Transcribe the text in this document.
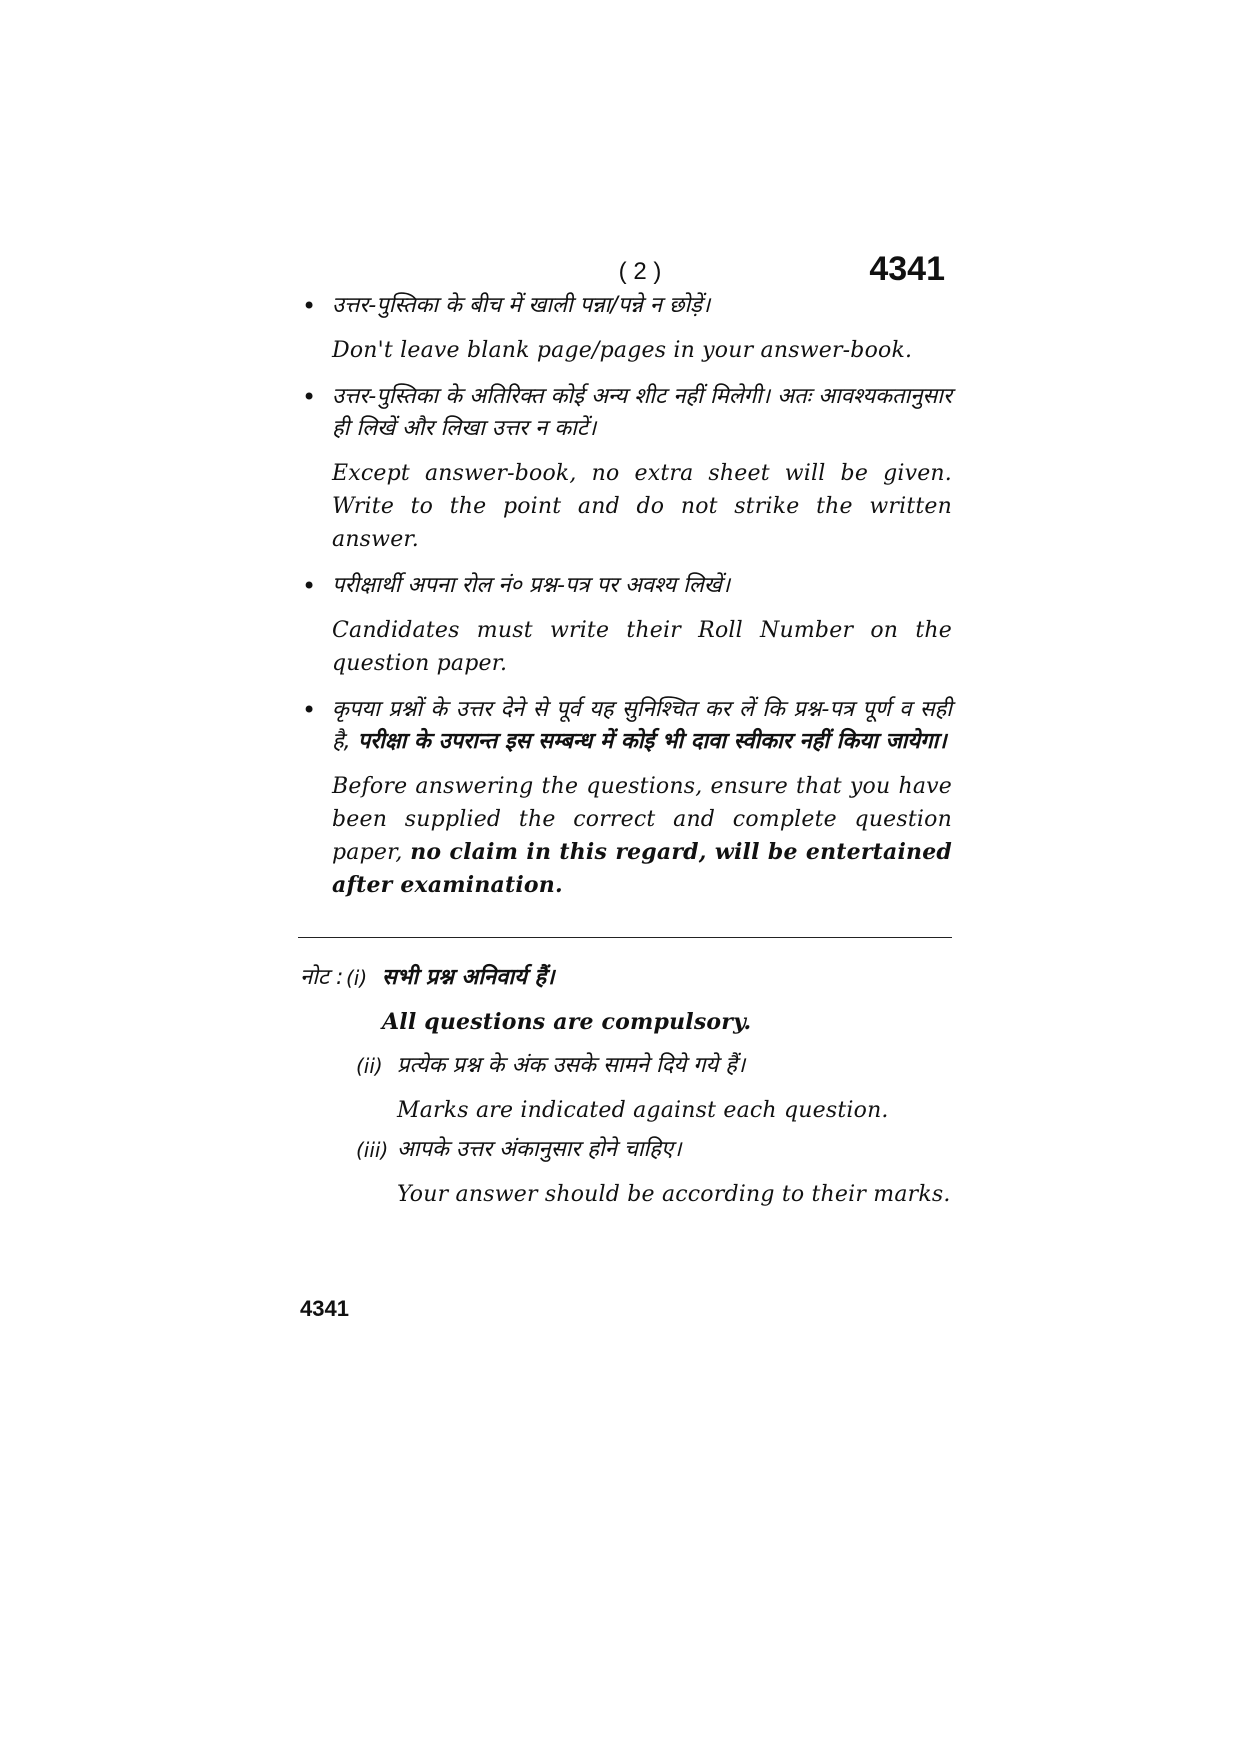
( 2 )	4341
• उत्तर-पुस्तिका के बीच में खाली पन्ना/पन्ने न छोड़ें।

Don't leave blank page/pages in your answer-book.

• उत्तर-पुस्तिका के अतिरिक्त कोई अन्य शीट नहीं मिलेगी। अतः आवश्यकतानुसार ही लिखें और लिखा उत्तर न काटें।

Except answer-book, no extra sheet will be given. Write to the point and do not strike the written answer.

• परीक्षार्थी अपना रोल नं० प्रश्न-पत्र पर अवश्य लिखें।

Candidates must write their Roll Number on the question paper.

• कृपया प्रश्नों के उत्तर देने से पूर्व यह सुनिश्चित कर लें कि प्रश्न-पत्र पूर्ण व सही है, परीक्षा के उपरान्त इस सम्बन्ध में कोई भी दावा स्वीकार नहीं किया जायेगा।

Before answering the questions, ensure that you have been supplied the correct and complete question paper, no claim in this regard, will be entertained after examination.

नोट : (i) सभी प्रश्न अनिवार्य हैं।

All questions are compulsory.

(ii) प्रत्येक प्रश्न के अंक उसके सामने दिये गये हैं।

Marks are indicated against each question.

(iii) आपके उत्तर अंकानुसार होने चाहिए।

Your answer should be according to their marks.

4341
